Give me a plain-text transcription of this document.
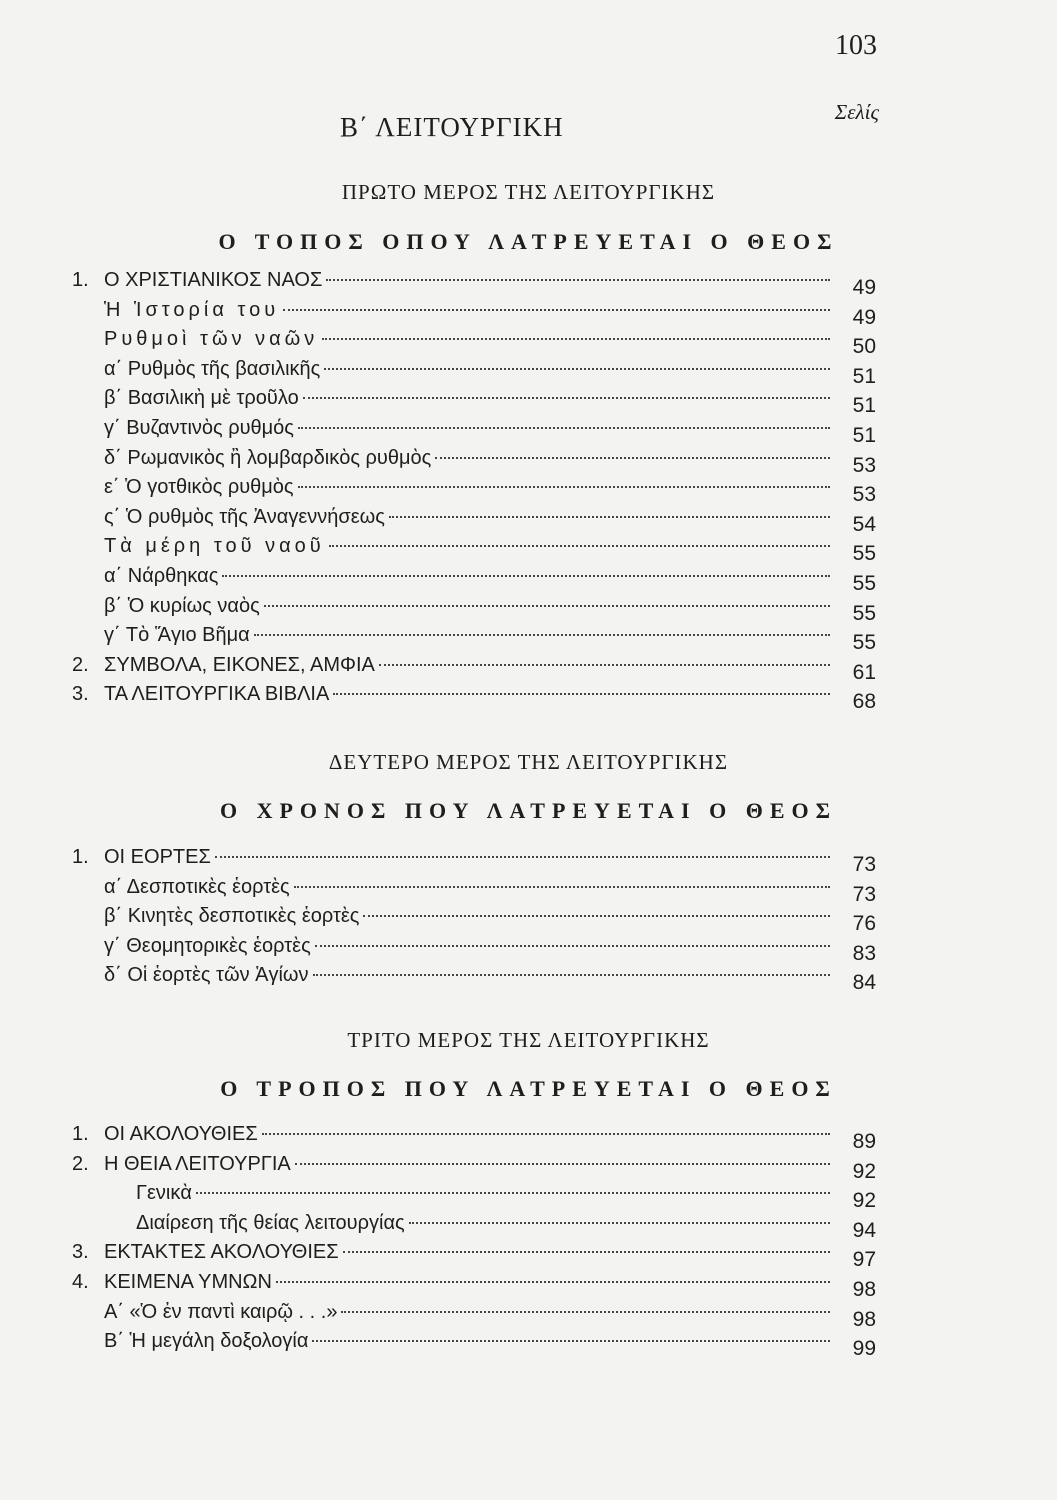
103
Σελίς
Β΄ ΛΕΙΤΟΥΡΓΙΚΗ
ΠΡΩΤΟ ΜΕΡΟΣ ΤΗΣ ΛΕΙΤΟΥΡΓΙΚΗΣ
Ο ΤΟΠΟΣ ΟΠΟΥ ΛΑΤΡΕΥΕΤΑΙ Ο ΘΕΟΣ
1. Ο ΧΡΙΣΤΙΑΝΙΚΟΣ ΝΑΟΣ	49
Ἡ Ἱστορία του	49
Ρυθμοὶ τῶν ναῶν	50
α΄ Ρυθμὸς τῆς βασιλικῆς	51
β΄ Βασιλικὴ μὲ τροῦλο	51
γ΄ Βυζαντινὸς ρυθμός	51
δ΄ Ρωμανικὸς ἢ λομβαρδικὸς ρυθμὸς	53
ε΄ Ὁ γοτθικὸς ρυθμὸς	53
ς΄ Ὁ ρυθμὸς τῆς Ἀναγεννήσεως	54
Τὰ μέρη τοῦ ναοῦ	55
α΄ Νάρθηκας	55
β΄ Ὁ κυρίως ναὸς	55
γ΄ Τὸ Ἅγιο Βῆμα	55
2. ΣΥΜΒΟΛΑ, ΕΙΚΟΝΕΣ, ΑΜΦΙΑ	61
3. ΤΑ ΛΕΙΤΟΥΡΓΙΚΑ ΒΙΒΛΙΑ	68
ΔΕΥΤΕΡΟ ΜΕΡΟΣ ΤΗΣ ΛΕΙΤΟΥΡΓΙΚΗΣ
Ο ΧΡΟΝΟΣ ΠΟΥ ΛΑΤΡΕΥΕΤΑΙ Ο ΘΕΟΣ
1. ΟΙ ΕΟΡΤΕΣ	73
α΄ Δεσποτικὲς ἑορτὲς	73
β΄ Κινητὲς δεσποτικὲς ἑορτὲς	76
γ΄ Θεομητορικὲς ἑορτὲς	83
δ΄ Οἱ ἑορτὲς τῶν Ἁγίων	84
ΤΡΙΤΟ ΜΕΡΟΣ ΤΗΣ ΛΕΙΤΟΥΡΓΙΚΗΣ
Ο ΤΡΟΠΟΣ ΠΟΥ ΛΑΤΡΕΥΕΤΑΙ Ο ΘΕΟΣ
1. ΟΙ ΑΚΟΛΟΥΘΙΕΣ	89
2. Η ΘΕΙΑ ΛΕΙΤΟΥΡΓΙΑ	92
Γενικὰ	92
Διαίρεση τῆς θείας λειτουργίας	94
3. ΕΚΤΑΚΤΕΣ ΑΚΟΛΟΥΘΙΕΣ	97
4. ΚΕΙΜΕΝΑ ΥΜΝΩΝ	98
Α΄ «Ὁ ἐν παντὶ καιρῷ . . .»	98
Β΄ Ἡ μεγάλη δοξολογία	99
